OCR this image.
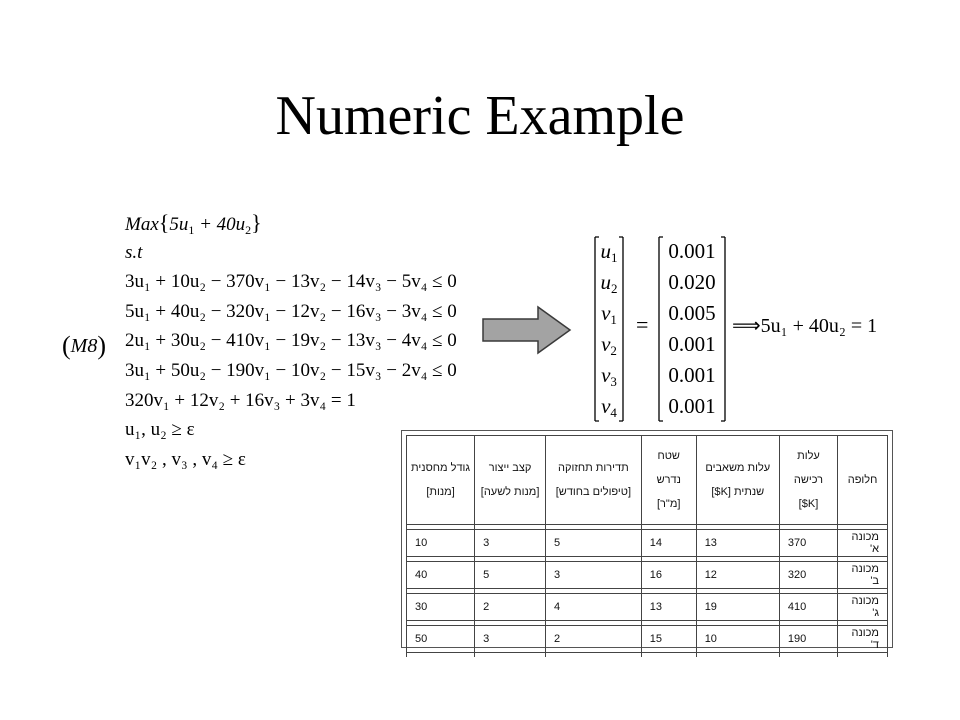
Numeric Example
(M8)
$Max\{5u_1 + 40u_2\}$
s.t
3u₁ + 10u₂ − 370v₁ − 13v₂ − 14v₃ − 5v₄ ≤ 0
5u₁ + 40u₂ − 320v₁ − 12v₂ − 16v₃ − 3v₄ ≤ 0
2u₁ + 30u₂ − 410v₁ − 19v₂ − 13v₃ − 4v₄ ≤ 0
3u₁ + 50u₂ − 190v₁ − 10v₂ − 15v₃ − 2v₄ ≤ 0
320v₁ + 12v₂ + 16v₃ + 3v₄ = 1
u₁, u₂ ≥ ε
v₁v₂ , v₃ , v₄ ≥ ε
$u_1$
$u_2$
$v_1$
$v_2$
$v_3$
$v_4$
=
0.001
0.020
0.005
0.001
0.001
0.001
⟹5u₁ + 40u₂ = 1
חלופה	עלות רכישה [K$]	עלות משאבים שנתית [K$]	שטח נדרש [מ"ר]	תדירות תחזוקה [טיפולים בחודש]	קצב ייצור [מנות לשעה]	גודל מחסנית [מנות]

מכונה א'	370	13	14	5	3	10

מכונה ב'	320	12	16	3	5	40

מכונה ג'	410	19	13	4	2	30

מכונה ד'	190	10	15	2	3	50
